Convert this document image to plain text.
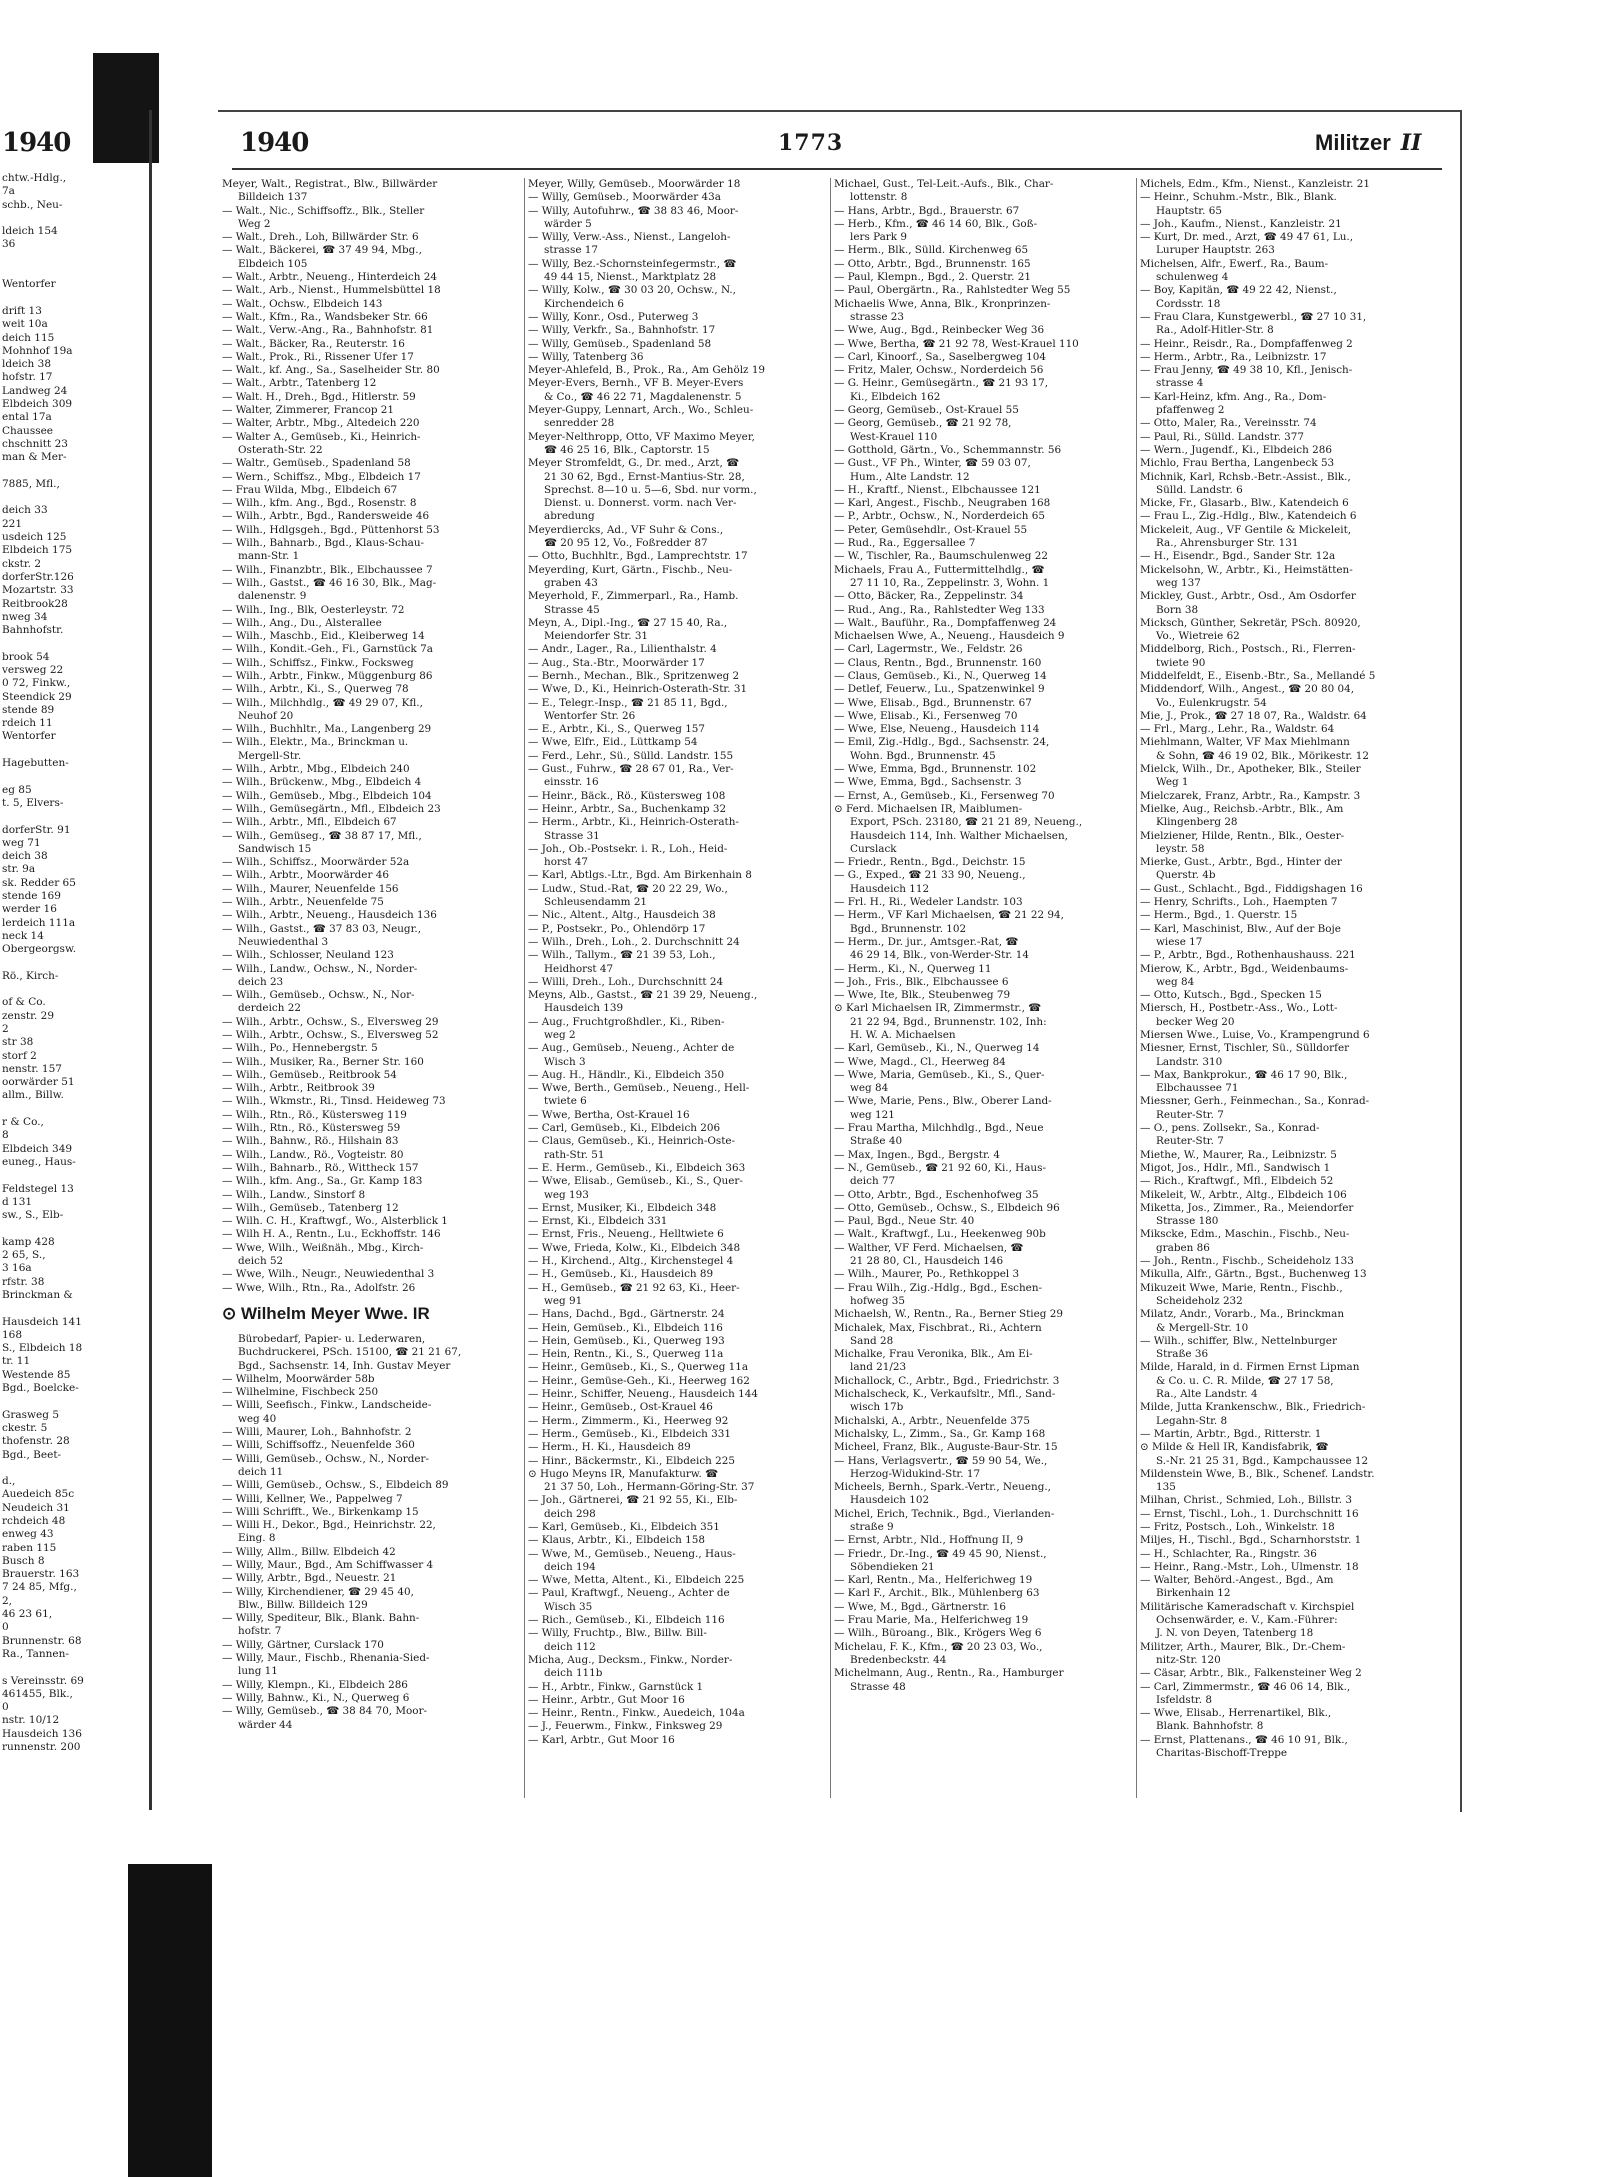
1940
chtw.-Hdlg.,
7a
schb., Neu-

ldeich 154
36

Wentorfer

drift 13
weit 10a
deich 115
Mohnhof 19a
ldeich 38
hofstr. 17
Landweg 24
Elbdeich 309
ental 17a
Chaussee
chschnitt 23
man & Mer-

7885, Mfl.,

deich 33
221
usdeich 125
Elbdeich 175
ckstr. 2
dorferStr.126
Mozartstr. 33
Reitbrook28
nweg 34
Bahnhofstr.

brook 54
versweg 22
0 72, Finkw.,
Steendick 29
stende 89
rdeich 11
Wentorfer

Hagebutten-

eg 85
t. 5, Elvers-

dorferStr. 91
weg 71
deich 38
str. 9a
sk. Redder 65
stende 169
werder 16
lerdeich 111a
neck 14
Obergeorgsw.

Rö., Kirch-

of & Co.
zenstr. 29
2
str 38
storf 2
nenstr. 157
oorwärder 51
allm., Billw.

r & Co.,
8
Elbdeich 349
euneg., Haus-

Feldstegel 13
d 131
sw., S., Elb-

kamp 428
2 65, S.,
3 16a
rfstr. 38
Brinckman &

Hausdeich 141
168
S., Elbdeich 18
tr. 11
Westende 85
Bgd., Boelcke-

Grasweg 5
ckestr. 5
thofenstr. 28
Bgd., Beet-

d.,
Auedeich 85c
Neudeich 31
rchdeich 48
enweg 43
raben 115
Busch 8
Brauerstr. 163
7 24 85, Mfg.,
2,
46 23 61,
0
Brunnenstr. 68
Ra., Tannen-

s Vereinsstr. 69
461455, Blk.,
0
nstr. 10/12
Hausdeich 136
runnenstr. 200
1940	1773	Militzer II
Meyer, Walt., Registrat., Blw., Billwärder
Billdeich 137
— Walt., Nic., Schiffsoffz., Blk., Steller
Weg 2
— Walt., Dreh., Loh, Billwärder Str. 6
— Walt., Bäckerei, ☎ 37 49 94, Mbg.,
Elbdeich 105
— Walt., Arbtr., Neueng., Hinterdeich 24
— Walt., Arb., Nienst., Hummelsbüttel 18
— Walt., Ochsw., Elbdeich 143
— Walt., Kfm., Ra., Wandsbeker Str. 66
— Walt., Verw.-Ang., Ra., Bahnhofstr. 81
— Walt., Bäcker, Ra., Reuterstr. 16
— Walt., Prok., Ri., Rissener Ufer 17
— Walt., kf. Ang., Sa., Saselheider Str. 80
— Walt., Arbtr., Tatenberg 12
— Walt. H., Dreh., Bgd., Hitlerstr. 59
— Walter, Zimmerer, Francop 21
— Walter, Arbtr., Mbg., Altedeich 220
— Walter A., Gemüseb., Ki., Heinrich-
Osterath-Str. 22
— Waltr., Gemüseb., Spadenland 58
— Wern., Schiffsz., Mbg., Elbdeich 17
— Frau Wilda, Mbg., Elbdeich 67
— Wilh., kfm. Ang., Bgd., Rosenstr. 8
— Wilh., Arbtr., Bgd., Randersweide 46
— Wilh., Hdlgsgeh., Bgd., Püttenhorst 53
— Wilh., Bahnarb., Bgd., Klaus-Schau-
mann-Str. 1
— Wilh., Finanzbtr., Blk., Elbchaussee 7
— Wilh., Gastst., ☎ 46 16 30, Blk., Mag-
dalenenstr. 9
— Wilh., Ing., Blk, Oesterleystr. 72
— Wilh., Ang., Du., Alsterallee
— Wilh., Maschb., Eid., Kleiberweg 14
— Wilh., Kondit.-Geh., Fi., Garnstück 7a
— Wilh., Schiffsz., Finkw., Focksweg
— Wilh., Arbtr., Finkw., Müggenburg 86
— Wilh., Arbtr., Ki., S., Querweg 78
— Wilh., Milchhdlg., ☎ 49 29 07, Kfl.,
Neuhof 20
— Wilh., Buchhltr., Ma., Langenberg 29
— Wilh., Elektr., Ma., Brinckman u.
Mergell-Str.
— Wilh., Arbtr., Mbg., Elbdeich 240
— Wilh., Brückenw., Mbg., Elbdeich 4
— Wilh., Gemüseb., Mbg., Elbdeich 104
— Wilh., Gemüsegärtn., Mfl., Elbdeich 23
— Wilh., Arbtr., Mfl., Elbdeich 67
— Wilh., Gemüseg., ☎ 38 87 17, Mfl.,
Sandwisch 15
— Wilh., Schiffsz., Moorwärder 52a
— Wilh., Arbtr., Moorwärder 46
— Wilh., Maurer, Neuenfelde 156
— Wilh., Arbtr., Neuenfelde 75
— Wilh., Arbtr., Neueng., Hausdeich 136
— Wilh., Gastst., ☎ 37 83 03, Neugr.,
Neuwiedenthal 3
— Wilh., Schlosser, Neuland 123
— Wilh., Landw., Ochsw., N., Norder-
deich 23
— Wilh., Gemüseb., Ochsw., N., Nor-
derdeich 22
— Wilh., Arbtr., Ochsw., S., Elversweg 29
— Wilh., Arbtr., Ochsw., S., Elversweg 52
— Wilh., Po., Hennebergstr. 5
— Wilh., Musiker, Ra., Berner Str. 160
— Wilh., Gemüseb., Reitbrook 54
— Wilh., Arbtr., Reitbrook 39
— Wilh., Wkmstr., Ri., Tinsd. Heideweg 73
— Wilh., Rtn., Rö., Küstersweg 119
— Wilh., Rtn., Rö., Küstersweg 59
— Wilh., Bahnw., Rö., Hilshain 83
— Wilh., Landw., Rö., Vogteistr. 80
— Wilh., Bahnarb., Rö., Wittheck 157
— Wilh., kfm. Ang., Sa., Gr. Kamp 183
— Wilh., Landw., Sinstorf 8
— Wilh., Gemüseb., Tatenberg 12
— Wilh. C. H., Kraftwgf., Wo., Alsterblick 1
— Wilh H. A., Rentn., Lu., Eckhoffstr. 146
— Wwe, Wilh., Weißnäh., Mbg., Kirch-
deich 52
— Wwe, Wilh., Neugr., Neuwiedenthal 3
— Wwe, Wilh., Rtn., Ra., Adolfstr. 26
⊙ Wilhelm Meyer Wwe. IR
Bürobedarf, Papier- u. Lederwaren,
Buchdruckerei, PSch. 15100, ☎ 21 21 67,
Bgd., Sachsenstr. 14, Inh. Gustav Meyer
— Wilhelm, Moorwärder 58b
— Wilhelmine, Fischbeck 250
— Willi, Seefisch., Finkw., Landscheide-
weg 40
— Willi, Maurer, Loh., Bahnhofstr. 2
— Willi, Schiffsoffz., Neuenfelde 360
— Willi, Gemüseb., Ochsw., N., Norder-
deich 11
— Willi, Gemüseb., Ochsw., S., Elbdeich 89
— Willi, Kellner, We., Pappelweg 7
— Willi Schrifft., We., Birkenkamp 15
— Willi H., Dekor., Bgd., Heinrichstr. 22,
Eing. 8
— Willy, Allm., Billw. Elbdeich 42
— Willy, Maur., Bgd., Am Schiffwasser 4
— Willy, Arbtr., Bgd., Neuestr. 21
— Willy, Kirchendiener, ☎ 29 45 40,
Blw., Billw. Billdeich 129
— Willy, Spediteur, Blk., Blank. Bahn-
hofstr. 7
— Willy, Gärtner, Curslack 170
— Willy, Maur., Fischb., Rhenania-Sied-
lung 11
— Willy, Klempn., Ki., Elbdeich 286
— Willy, Bahnw., Ki., N., Querweg 6
— Willy, Gemüseb., ☎ 38 84 70, Moor-
wärder 44
Meyer, Willy, Gemüseb., Moorwärder 18
— Willy, Gemüseb., Moorwärder 43a
— Willy, Autofuhrw., ☎ 38 83 46, Moor-
wärder 5
— Willy, Verw.-Ass., Nienst., Langeloh-
strasse 17
— Willy, Bez.-Schornsteinfegermstr., ☎
49 44 15, Nienst., Marktplatz 28
— Willy, Kolw., ☎ 30 03 20, Ochsw., N.,
Kirchendeich 6
— Willy, Konr., Osd., Puterweg 3
— Willy, Verkfr., Sa., Bahnhofstr. 17
— Willy, Gemüseb., Spadenland 58
— Willy, Tatenberg 36
Meyer-Ahlefeld, B., Prok., Ra., Am Gehölz 19
Meyer-Evers, Bernh., VF B. Meyer-Evers
& Co., ☎ 46 22 71, Magdalenenstr. 5
Meyer-Guppy, Lennart, Arch., Wo., Schleu-
senredder 28
Meyer-Nelthropp, Otto, VF Maximo Meyer,
☎ 46 25 16, Blk., Captorstr. 15
Meyer Stromfeldt, G., Dr. med., Arzt, ☎
21 30 62, Bgd., Ernst-Mantius-Str. 28,
Sprechst. 8—10 u. 5—6, Sbd. nur vorm.,
Dienst. u. Donnerst. vorm. nach Ver-
abredung
Meyerdiercks, Ad., VF Suhr & Cons.,
☎ 20 95 12, Vo., Foßredder 87
— Otto, Buchhltr., Bgd., Lamprechtstr. 17
Meyerding, Kurt, Gärtn., Fischb., Neu-
graben 43
Meyerhold, F., Zimmerparl., Ra., Hamb.
Strasse 45
Meyn, A., Dipl.-Ing., ☎ 27 15 40, Ra.,
Meiendorfer Str. 31
— Andr., Lager., Ra., Lilienthalstr. 4
— Aug., Sta.-Btr., Moorwärder 17
— Bernh., Mechan., Blk., Spritzenweg 2
— Wwe, D., Ki., Heinrich-Osterath-Str. 31
— E., Telegr.-Insp., ☎ 21 85 11, Bgd.,
Wentorfer Str. 26
— E., Arbtr., Ki., S., Querweg 157
— Wwe, Elfr., Eid., Lüttkamp 54
— Ferd., Lehr., Sü., Sülld. Landstr. 155
— Gust., Fuhrw., ☎ 28 67 01, Ra., Ver-
einsstr. 16
— Heinr., Bäck., Rö., Küstersweg 108
— Heinr., Arbtr., Sa., Buchenkamp 32
— Herm., Arbtr., Ki., Heinrich-Osterath-
Strasse 31
— Joh., Ob.-Postsekr. i. R., Loh., Heid-
horst 47
— Karl, Abtlgs.-Ltr., Bgd. Am Birkenhain 8
— Ludw., Stud.-Rat, ☎ 20 22 29, Wo.,
Schleusendamm 21
— Nic., Altent., Altg., Hausdeich 38
— P., Postsekr., Po., Ohlendörp 17
— Wilh., Dreh., Loh., 2. Durchschnitt 24
— Wilh., Tallym., ☎ 21 39 53, Loh.,
Heidhorst 47
— Willi, Dreh., Loh., Durchschnitt 24
Meyns, Alb., Gastst., ☎ 21 39 29, Neueng.,
Hausdeich 139
— Aug., Fruchtgroßhdler., Ki., Riben-
weg 2
— Aug., Gemüseb., Neueng., Achter de
Wisch 3
— Aug. H., Händlr., Ki., Elbdeich 350
— Wwe, Berth., Gemüseb., Neueng., Hell-
twiete 6
— Wwe, Bertha, Ost-Krauel 16
— Carl, Gemüseb., Ki., Elbdeich 206
— Claus, Gemüseb., Ki., Heinrich-Oste-
rath-Str. 51
— E. Herm., Gemüseb., Ki., Elbdeich 363
— Wwe, Elisab., Gemüseb., Ki., S., Quer-
weg 193
— Ernst, Musiker, Ki., Elbdeich 348
— Ernst, Ki., Elbdeich 331
— Ernst, Fris., Neueng., Helltwiete 6
— Wwe, Frieda, Kolw., Ki., Elbdeich 348
— H., Kirchend., Altg., Kirchenstegel 4
— H., Gemüseb., Ki., Hausdeich 89
— H., Gemüseb., ☎ 21 92 63, Ki., Heer-
weg 91
— Hans, Dachd., Bgd., Gärtnerstr. 24
— Hein, Gemüseb., Ki., Elbdeich 116
— Hein, Gemüseb., Ki., Querweg 193
— Hein, Rentn., Ki., S., Querweg 11a
— Heinr., Gemüseb., Ki., S., Querweg 11a
— Heinr., Gemüse-Geh., Ki., Heerweg 162
— Heinr., Schiffer, Neueng., Hausdeich 144
— Heinr., Gemüseb., Ost-Krauel 46
— Herm., Zimmerm., Ki., Heerweg 92
— Herm., Gemüseb., Ki., Elbdeich 331
— Herm., H. Ki., Hausdeich 89
— Hinr., Bäckermstr., Ki., Elbdeich 225
⊙ Hugo Meyns IR, Manufakturw. ☎
21 37 50, Loh., Hermann-Göring-Str. 37
— Joh., Gärtnerei, ☎ 21 92 55, Ki., Elb-
deich 298
— Karl, Gemüseb., Ki., Elbdeich 351
— Klaus, Arbtr., Ki., Elbdeich 158
— Wwe, M., Gemüseb., Neueng., Haus-
deich 194
— Wwe, Metta, Altent., Ki., Elbdeich 225
— Paul, Kraftwgf., Neueng., Achter de
Wisch 35
— Rich., Gemüseb., Ki., Elbdeich 116
— Willy, Fruchtp., Blw., Billw. Bill-
deich 112
Micha, Aug., Decksm., Finkw., Norder-
deich 111b
— H., Arbtr., Finkw., Garnstück 1
— Heinr., Arbtr., Gut Moor 16
— Heinr., Rentn., Finkw., Auedeich, 104a
— J., Feuerwm., Finkw., Finksweg 29
— Karl, Arbtr., Gut Moor 16
Michael, Gust., Tel-Leit.-Aufs., Blk., Char-
lottenstr. 8
— Hans, Arbtr., Bgd., Brauerstr. 67
— Herb., Kfm., ☎ 46 14 60, Blk., Goß-
lers Park 9
— Herm., Blk., Sülld. Kirchenweg 65
— Otto, Arbtr., Bgd., Brunnenstr. 165
— Paul, Klempn., Bgd., 2. Querstr. 21
— Paul, Obergärtn., Ra., Rahlstedter Weg 55
Michaelis Wwe, Anna, Blk., Kronprinzen-
strasse 23
— Wwe, Aug., Bgd., Reinbecker Weg 36
— Wwe, Bertha, ☎ 21 92 78, West-Krauel 110
— Carl, Kinoorf., Sa., Saselbergweg 104
— Fritz, Maler, Ochsw., Norderdeich 56
— G. Heinr., Gemüsegärtn., ☎ 21 93 17,
Ki., Elbdeich 162
— Georg, Gemüseb., Ost-Krauel 55
— Georg, Gemüseb., ☎ 21 92 78,
West-Krauel 110
— Gotthold, Gärtn., Vo., Schemmannstr. 56
— Gust., VF Ph., Winter, ☎ 59 03 07,
Hum., Alte Landstr. 12
— H., Kraftf., Nienst., Elbchaussee 121
— Karl, Angest., Fischb., Neugraben 168
— P., Arbtr., Ochsw., N., Norderdeich 65
— Peter, Gemüsehdlr., Ost-Krauel 55
— Rud., Ra., Eggersallee 7
— W., Tischler, Ra., Baumschulenweg 22
Michaels, Frau A., Futtermittelhdlg., ☎
27 11 10, Ra., Zeppelinstr. 3, Wohn. 1
— Otto, Bäcker, Ra., Zeppelinstr. 34
— Rud., Ang., Ra., Rahlstedter Weg 133
— Walt., Bauführ., Ra., Dompfaffenweg 24
Michaelsen Wwe, A., Neueng., Hausdeich 9
— Carl, Lagermstr., We., Feldstr. 26
— Claus, Rentn., Bgd., Brunnenstr. 160
— Claus, Gemüseb., Ki., N., Querweg 14
— Detlef, Feuerw., Lu., Spatzenwinkel 9
— Wwe, Elisab., Bgd., Brunnenstr. 67
— Wwe, Elisab., Ki., Fersenweg 70
— Wwe, Else, Neueng., Hausdeich 114
— Emil, Zig.-Hdlg., Bgd., Sachsenstr. 24,
Wohn. Bgd., Brunnenstr. 45
— Wwe, Emma, Bgd., Brunnenstr. 102
— Wwe, Emma, Bgd., Sachsenstr. 3
— Ernst, A., Gemüseb., Ki., Fersenweg 70
⊙ Ferd. Michaelsen IR, Maiblumen-
Export, PSch. 23180, ☎ 21 21 89, Neueng.,
Hausdeich 114, Inh. Walther Michaelsen,
Curslack
— Friedr., Rentn., Bgd., Deichstr. 15
— G., Exped., ☎ 21 33 90, Neueng.,
Hausdeich 112
— Frl. H., Ri., Wedeler Landstr. 103
— Herm., VF Karl Michaelsen, ☎ 21 22 94,
Bgd., Brunnenstr. 102
— Herm., Dr. jur., Amtsger.-Rat, ☎
46 29 14, Blk., von-Werder-Str. 14
— Herm., Ki., N., Querweg 11
— Joh., Fris., Blk., Elbchaussee 6
— Wwe, Ite, Blk., Steubenweg 79
⊙ Karl Michaelsen IR, Zimmermstr., ☎
21 22 94, Bgd., Brunnenstr. 102, Inh:
H. W. A. Michaelsen
— Karl, Gemüseb., Ki., N., Querweg 14
— Wwe, Magd., Cl., Heerweg 84
— Wwe, Maria, Gemüseb., Ki., S., Quer-
weg 84
— Wwe, Marie, Pens., Blw., Oberer Land-
weg 121
— Frau Martha, Milchhdlg., Bgd., Neue
Straße 40
— Max, Ingen., Bgd., Bergstr. 4
— N., Gemüseb., ☎ 21 92 60, Ki., Haus-
deich 77
— Otto, Arbtr., Bgd., Eschenhofweg 35
— Otto, Gemüseb., Ochsw., S., Elbdeich 96
— Paul, Bgd., Neue Str. 40
— Walt., Kraftwgf., Lu., Heekenweg 90b
— Walther, VF Ferd. Michaelsen, ☎
21 28 80, Cl., Hausdeich 146
— Wilh., Maurer, Po., Rethkoppel 3
— Frau Wilh., Zig.-Hdlg., Bgd., Eschen-
hofweg 35
Michaelsh, W., Rentn., Ra., Berner Stieg 29
Michalek, Max, Fischbrat., Ri., Achtern
Sand 28
Michalke, Frau Veronika, Blk., Am Ei-
land 21/23
Michallock, C., Arbtr., Bgd., Friedrichstr. 3
Michalscheck, K., Verkaufsltr., Mfl., Sand-
wisch 17b
Michalski, A., Arbtr., Neuenfelde 375
Michalsky, L., Zimm., Sa., Gr. Kamp 168
Micheel, Franz, Blk., Auguste-Baur-Str. 15
— Hans, Verlagsvertr., ☎ 59 90 54, We.,
Herzog-Widukind-Str. 17
Micheels, Bernh., Spark.-Vertr., Neueng.,
Hausdeich 102
Michel, Erich, Technik., Bgd., Vierlanden-
straße 9
— Ernst, Arbtr., Nld., Hoffnung II, 9
— Friedr., Dr.-Ing., ☎ 49 45 90, Nienst.,
Söbendieken 21
— Karl, Rentn., Ma., Helferichweg 19
— Karl F., Archit., Blk., Mühlenberg 63
— Wwe, M., Bgd., Gärtnerstr. 16
— Frau Marie, Ma., Helferichweg 19
— Wilh., Büroang., Blk., Krögers Weg 6
Michelau, F. K., Kfm., ☎ 20 23 03, Wo.,
Bredenbeckstr. 44
Michelmann, Aug., Rentn., Ra., Hamburger
Strasse 48
Michels, Edm., Kfm., Nienst., Kanzleistr. 21
— Heinr., Schuhm.-Mstr., Blk., Blank.
Hauptstr. 65
— Joh., Kaufm., Nienst., Kanzleistr. 21
— Kurt, Dr. med., Arzt, ☎ 49 47 61, Lu.,
Luruper Hauptstr. 263
Michelsen, Alfr., Ewerf., Ra., Baum-
schulenweg 4
— Boy, Kapitän, ☎ 49 22 42, Nienst.,
Cordsstr. 18
— Frau Clara, Kunstgewerbl., ☎ 27 10 31,
Ra., Adolf-Hitler-Str. 8
— Heinr., Reisdr., Ra., Dompfaffenweg 2
— Herm., Arbtr., Ra., Leibnizstr. 17
— Frau Jenny, ☎ 49 38 10, Kfl., Jenisch-
strasse 4
— Karl-Heinz, kfm. Ang., Ra., Dom-
pfaffenweg 2
— Otto, Maler, Ra., Vereinsstr. 74
— Paul, Ri., Sülld. Landstr. 377
— Wern., Jugendf., Ki., Elbdeich 286
Michlo, Frau Bertha, Langenbeck 53
Michnik, Karl, Rchsb.-Betr.-Assist., Blk.,
Sülld. Landstr. 6
Micke, Fr., Glasarb., Blw., Katendeich 6
— Frau L., Zig.-Hdlg., Blw., Katendeich 6
Mickeleit, Aug., VF Gentile & Mickeleit,
Ra., Ahrensburger Str. 131
— H., Eisendr., Bgd., Sander Str. 12a
Mickelsohn, W., Arbtr., Ki., Heimstätten-
weg 137
Mickley, Gust., Arbtr., Osd., Am Osdorfer
Born 38
Micksch, Günther, Sekretär, PSch. 80920,
Vo., Wietreie 62
Middelborg, Rich., Postsch., Ri., Flerren-
twiete 90
Middelfeldt, E., Eisenb.-Btr., Sa., Mellandé 5
Middendorf, Wilh., Angest., ☎ 20 80 04,
Vo., Eulenkrugstr. 54
Mie, J., Prok., ☎ 27 18 07, Ra., Waldstr. 64
— Frl., Marg., Lehr., Ra., Waldstr. 64
Miehlmann, Walter, VF Max Miehlmann
& Sohn, ☎ 46 19 02, Blk., Mörikestr. 12
Mielck, Wilh., Dr., Apotheker, Blk., Steiler
Weg 1
Mielczarek, Franz, Arbtr., Ra., Kampstr. 3
Mielke, Aug., Reichsb.-Arbtr., Blk., Am
Klingenberg 28
Mielziener, Hilde, Rentn., Blk., Oester-
leystr. 58
Mierke, Gust., Arbtr., Bgd., Hinter der
Querstr. 4b
— Gust., Schlacht., Bgd., Fiddigshagen 16
— Henry, Schrifts., Loh., Haempten 7
— Herm., Bgd., 1. Querstr. 15
— Karl, Maschinist, Blw., Auf der Boje
wiese 17
— P., Arbtr., Bgd., Rothenhaushauss. 221
Mierow, K., Arbtr., Bgd., Weidenbaums-
weg 84
— Otto, Kutsch., Bgd., Specken 15
Miersch, H., Postbetr.-Ass., Wo., Lott-
becker Weg 20
Miersen Wwe., Luise, Vo., Krampengrund 6
Miesner, Ernst, Tischler, Sü., Sülldorfer
Landstr. 310
— Max, Bankprokur., ☎ 46 17 90, Blk.,
Elbchaussee 71
Miessner, Gerh., Feinmechan., Sa., Konrad-
Reuter-Str. 7
— O., pens. Zollsekr., Sa., Konrad-
Reuter-Str. 7
Miethe, W., Maurer, Ra., Leibnizstr. 5
Migot, Jos., Hdlr., Mfl., Sandwisch 1
— Rich., Kraftwgf., Mfl., Elbdeich 52
Mikeleit, W., Arbtr., Altg., Elbdeich 106
Miketta, Jos., Zimmer., Ra., Meiendorfer
Strasse 180
Mikscke, Edm., Maschin., Fischb., Neu-
graben 86
— Joh., Rentn., Fischb., Scheideholz 133
Mikulla, Alfr., Gärtn., Bgst., Buchenweg 13
Mikuzeit Wwe, Marie, Rentn., Fischb.,
Scheideholz 232
Milatz, Andr., Vorarb., Ma., Brinckman
& Mergell-Str. 10
— Wilh., schiffer, Blw., Nettelnburger
Straße 36
Milde, Harald, in d. Firmen Ernst Lipman
& Co. u. C. R. Milde, ☎ 27 17 58,
Ra., Alte Landstr. 4
Milde, Jutta Krankenschw., Blk., Friedrich-
Legahn-Str. 8
— Martin, Arbtr., Bgd., Ritterstr. 1
⊙ Milde & Hell IR, Kandisfabrik, ☎
S.-Nr. 21 25 31, Bgd., Kampchaussee 12
Mildenstein Wwe, B., Blk., Schenef. Landstr.
135
Milhan, Christ., Schmied, Loh., Billstr. 3
— Ernst, Tischl., Loh., 1. Durchschnitt 16
— Fritz, Postsch., Loh., Winkelstr. 18
Miljes, H., Tischl., Bgd., Scharnhorststr. 1
— H., Schlachter, Ra., Ringstr. 36
— Heinr., Rang.-Mstr., Loh., Ulmenstr. 18
— Walter, Behörd.-Angest., Bgd., Am
Birkenhain 12
Militärische Kameradschaft v. Kirchspiel
Ochsenwärder, e. V., Kam.-Führer:
J. N. von Deyen, Tatenberg 18
Militzer, Arth., Maurer, Blk., Dr.-Chem-
nitz-Str. 120
— Cäsar, Arbtr., Blk., Falkensteiner Weg 2
— Carl, Zimmermstr., ☎ 46 06 14, Blk.,
Isfeldstr. 8
— Wwe, Elisab., Herrenartikel, Blk.,
Blank. Bahnhofstr. 8
— Ernst, Plattenans., ☎ 46 10 91, Blk.,
Charitas-Bischoff-Treppe
